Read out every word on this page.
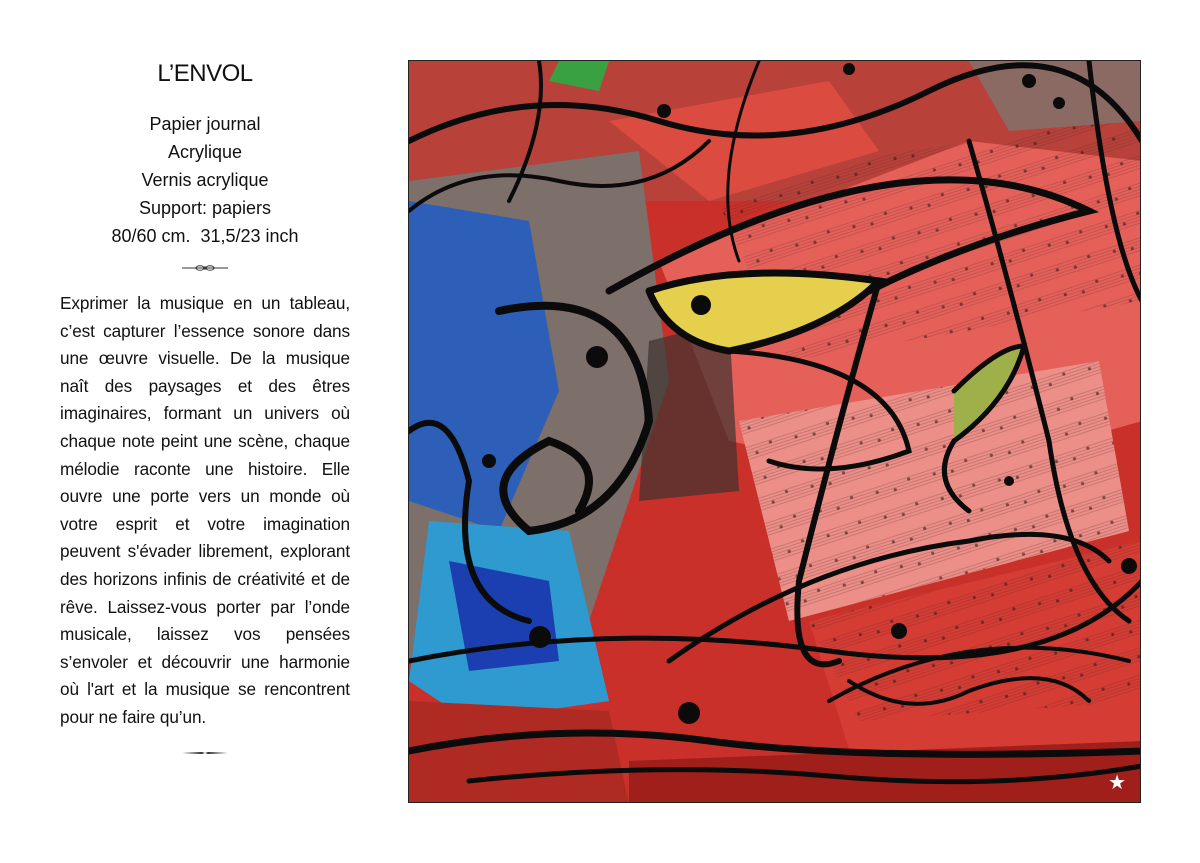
L’ENVOL
Papier journal
Acrylique
Vernis acrylique
Support: papiers
80/60 cm.  31,5/23 inch

Exprimer la musique en un tableau, c’est capturer l’essence sonore dans une œuvre visuelle. De la musique naît des paysages et des êtres imaginaires, formant un univers où chaque note peint une scène, chaque mélodie raconte une histoire. Elle ouvre une porte vers un monde où votre esprit et votre imagination peuvent s'évader librement, explorant des horizons infinis de créativité et de rêve. Laissez-vous porter par l’onde musicale, laissez vos pensées s’envoler et découvrir une harmonie où l'art et la musique se rencontrent pour ne faire qu’un.

★
